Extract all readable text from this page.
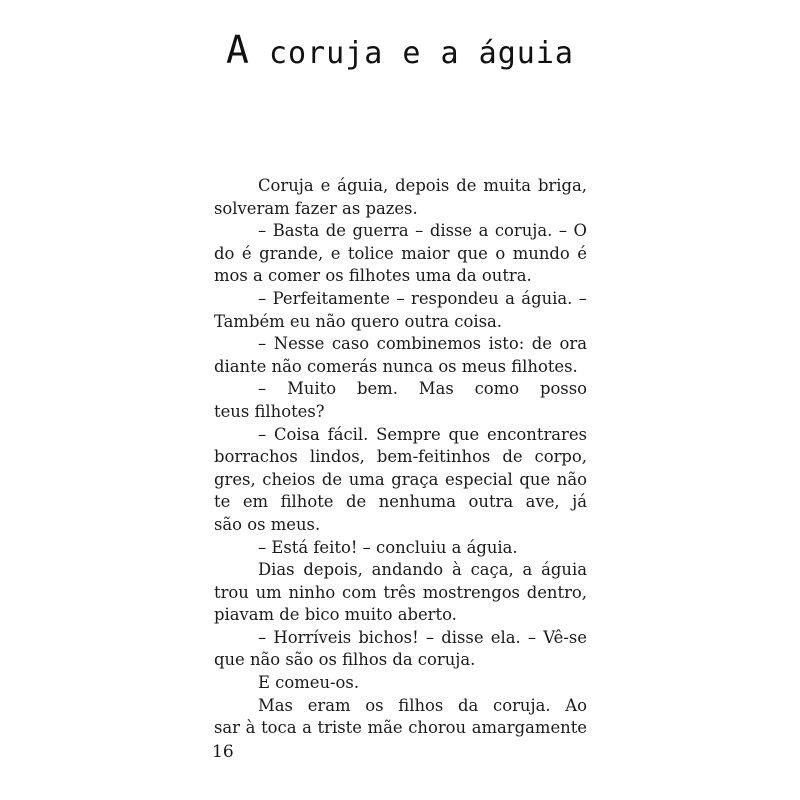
A coruja e a águia
Coruja e águia, depois de muita briga,
solveram fazer as pazes.
– Basta de guerra – disse a coruja. – O
do é grande, e tolice maior que o mundo é
mos a comer os filhotes uma da outra.
– Perfeitamente – respondeu a águia. –
Também eu não quero outra coisa.
– Nesse caso combinemos isto: de ora
diante não comerás nunca os meus filhotes.
– Muito bem. Mas como posso
teus filhotes?
– Coisa fácil. Sempre que encontrares
borrachos lindos, bem-feitinhos de corpo,
gres, cheios de uma graça especial que não
te em filhote de nenhuma outra ave, já
são os meus.
– Está feito! – concluiu a águia.
Dias depois, andando à caça, a águia
trou um ninho com três mostrengos dentro,
piavam de bico muito aberto.
– Horríveis bichos! – disse ela. – Vê-se
que não são os filhos da coruja.
E comeu-os.
Mas eram os filhos da coruja. Ao
sar à toca a triste mãe chorou amargamente
16
